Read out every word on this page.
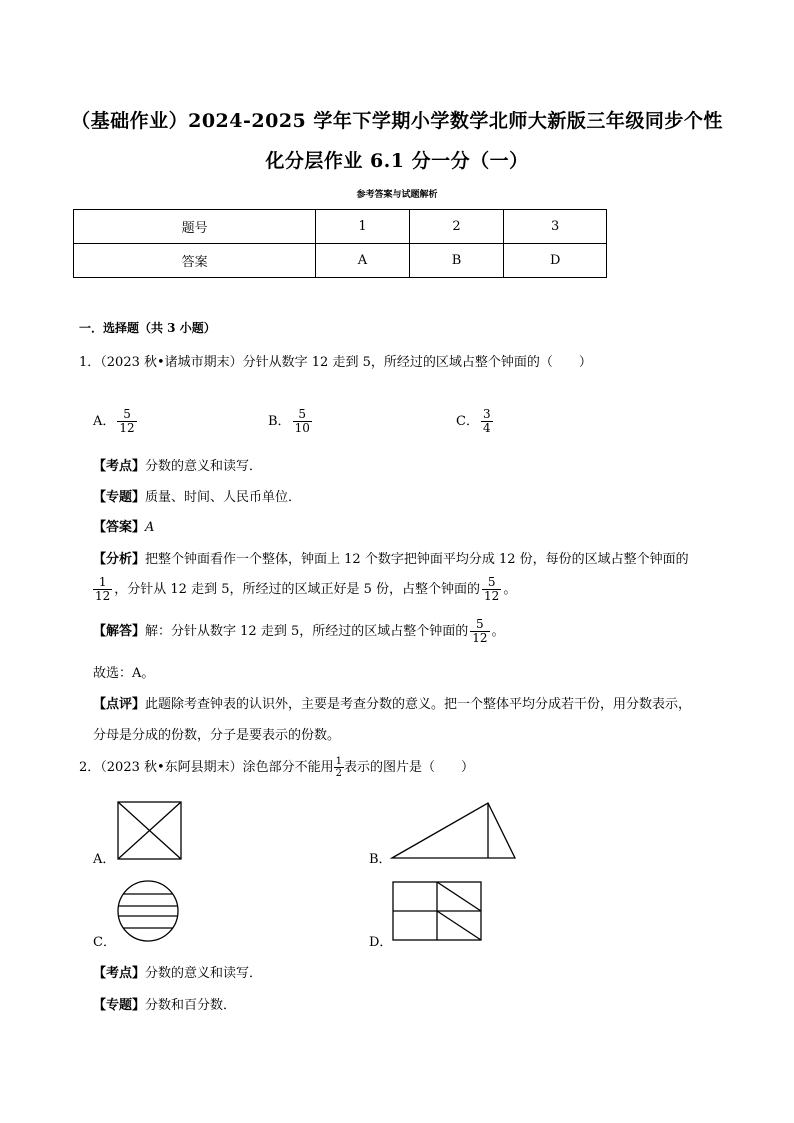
（基础作业）2024-2025 学年下学期小学数学北师大新版三年级同步个性
化分层作业 6.1 分一分（一）
参考答案与试题解析
题号	1	2	3
答案	A	B	D
一．选择题（共 3 小题）
1．（2023 秋•诸城市期末）分针从数字 12 走到 5，所经过的区域占整个钟面的（　　）
A． $\frac{5}{12}$	B． $\frac{5}{10}$	C． $\frac{3}{4}$
【考点】分数的意义和读写．
【专题】质量、时间、人民币单位．
【答案】A
【分析】把整个钟面看作一个整体，钟面上 12 个数字把钟面平均分成 12 份，每份的区域占整个钟面的
$\frac{1}{12}$ ，分针从 12 走到 5，所经过的区域正好是 5 份，占整个钟面的 $\frac{5}{12}$ 。
【解答】解：分针从数字 12 走到 5，所经过的区域占整个钟面的 $\frac{5}{12}$ 。
故选：A。
【点评】此题除考查钟表的认识外，主要是考查分数的意义。把一个整体平均分成若干份，用分数表示，
分母是分成的份数，分子是要表示的份数。
2．（2023 秋•东阿县期末）涂色部分不能用 $\frac{1}{2}$ 表示的图片是（　　）
A．	B．
C．	D．
【考点】分数的意义和读写．
【专题】分数和百分数．
